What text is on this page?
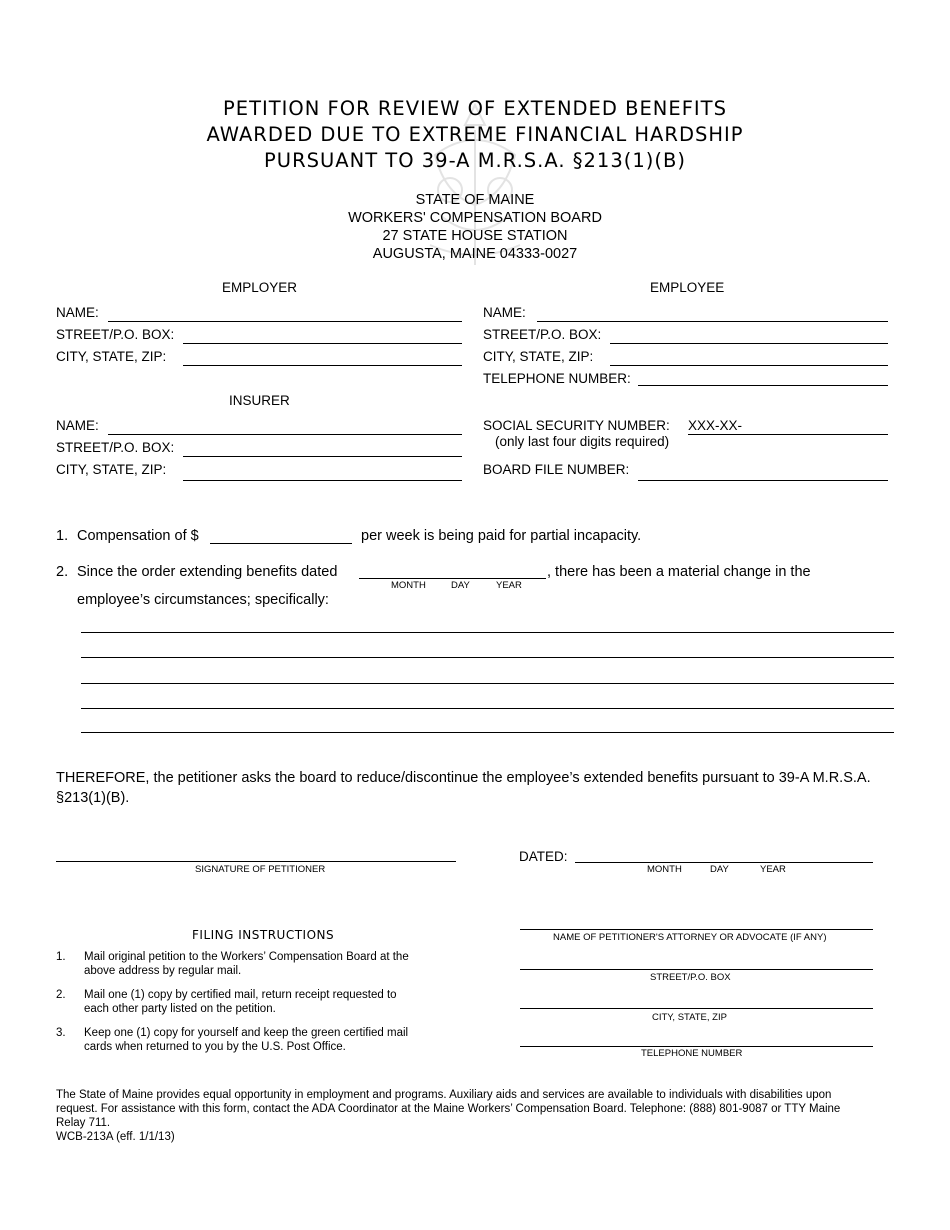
PETITION FOR REVIEW OF EXTENDED BENEFITS
AWARDED DUE TO EXTREME FINANCIAL HARDSHIP
PURSUANT TO 39-A M.R.S.A. §213(1)(B)
STATE OF MAINE
WORKERS' COMPENSATION BOARD
27 STATE HOUSE STATION
AUGUSTA, MAINE 04333-0027
EMPLOYER
NAME:
STREET/P.O. BOX:
CITY, STATE, ZIP:
INSURER
NAME:
STREET/P.O. BOX:
CITY, STATE, ZIP:
EMPLOYEE
NAME:
STREET/P.O. BOX:
CITY, STATE, ZIP:
TELEPHONE NUMBER:
SOCIAL SECURITY NUMBER: XXX-XX-
(only last four digits required)
BOARD FILE NUMBER:
1. Compensation of $	per week is being paid for partial incapacity.
2. Since the order extending benefits dated	, there has been a material change in the
MONTH	DAY	YEAR
employee’s circumstances; specifically:
THEREFORE, the petitioner asks the board to reduce/discontinue the employee’s extended benefits pursuant to 39-A M.R.S.A.
§213(1)(B).
SIGNATURE OF PETITIONER
DATED:
MONTH	DAY	YEAR
FILING INSTRUCTIONS
1. Mail original petition to the Workers’ Compensation Board at the
above address by regular mail.
2. Mail one (1) copy by certified mail, return receipt requested to
each other party listed on the petition.
3. Keep one (1) copy for yourself and keep the green certified mail
cards when returned to you by the U.S. Post Office.
NAME OF PETITIONER'S ATTORNEY OR ADVOCATE (IF ANY)
STREET/P.O. BOX
CITY, STATE, ZIP
TELEPHONE NUMBER
The State of Maine provides equal opportunity in employment and programs. Auxiliary aids and services are available to individuals with disabilities upon
request. For assistance with this form, contact the ADA Coordinator at the Maine Workers’ Compensation Board. Telephone: (888) 801-9087 or TTY Maine
Relay 711.
WCB-213A (eff. 1/1/13)
